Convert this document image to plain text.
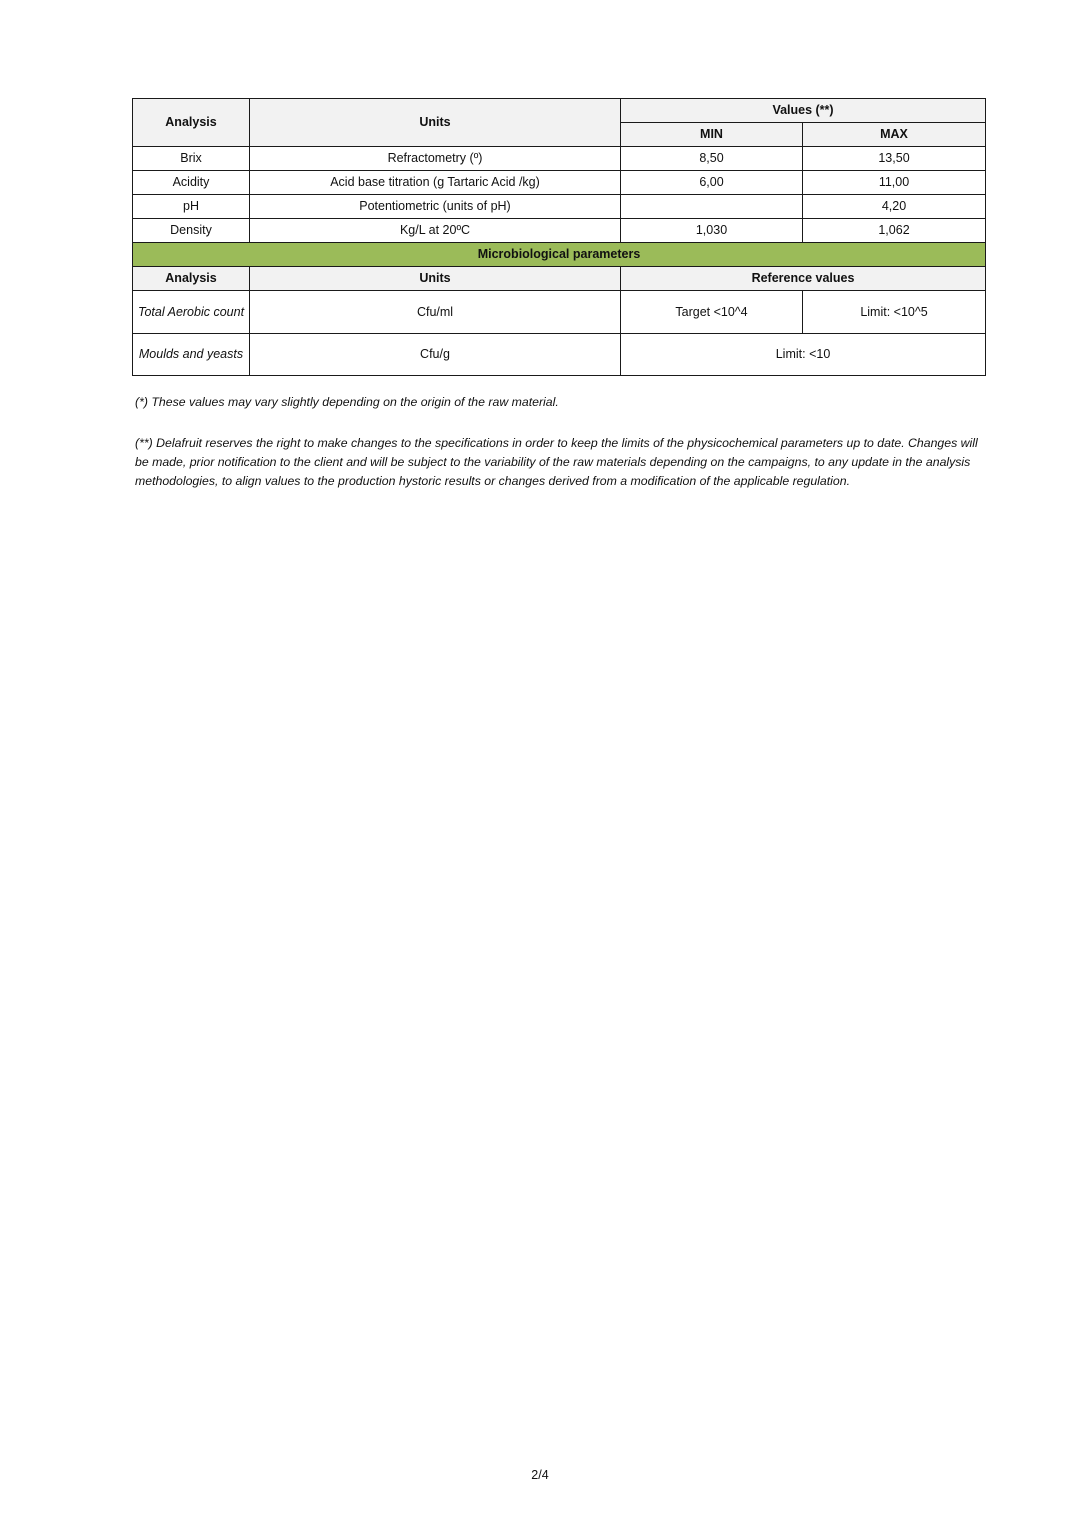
Analysis	Units	Values (**)	
		MIN	MAX
Brix	Refractometry (º)	8,50	13,50
Acidity	Acid base titration (g Tartaric Acid /kg)	6,00	11,00
pH	Potentiometric (units of pH)		4,20
Density	Kg/L at 20ºC	1,030	1,062
Microbiological parameters			
Analysis	Units	Reference values	
Total Aerobic count	Cfu/ml	Target <10^4	Limit: <10^5
Moulds and yeasts	Cfu/g	Limit: <10	

(*) These values may vary slightly depending on the origin of the raw material.

(**) Delafruit reserves the right to make changes to the specifications in order to keep the limits of the physicochemical parameters up to date. Changes will be made, prior notification to the client and will be subject to the variability of the raw materials depending on the campaigns, to any update in the analysis methodologies, to align values to the production hystoric results or changes derived from a modification of the applicable regulation.

2/4
